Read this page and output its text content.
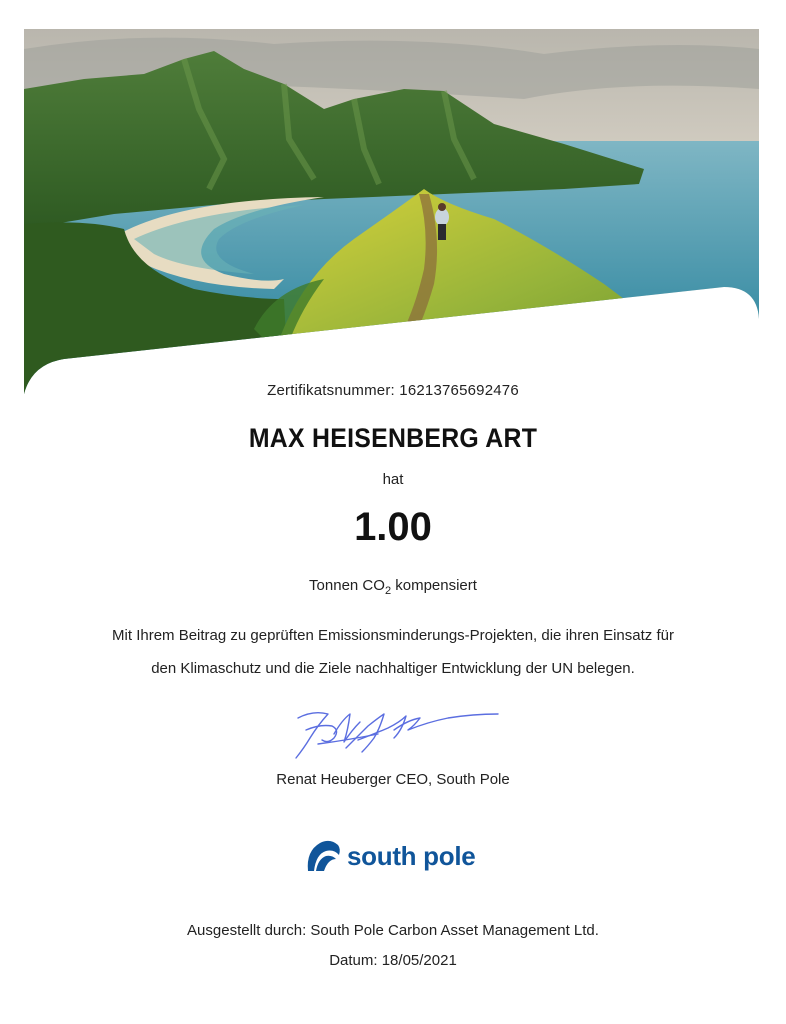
Zertifikatsnummer: 16213765692476

MAX HEISENBERG ART

hat

1.00

Tonnen $CO_2$ kompensiert

Mit Ihrem Beitrag zu geprüften Emissionsminderungs-Projekten, die ihren Einsatz für
den Klimaschutz und die Ziele nachhaltiger Entwicklung der UN belegen.

Renat Heuberger CEO, South Pole

south pole

Ausgestellt durch: South Pole Carbon Asset Management Ltd.

Datum: 18/05/2021
